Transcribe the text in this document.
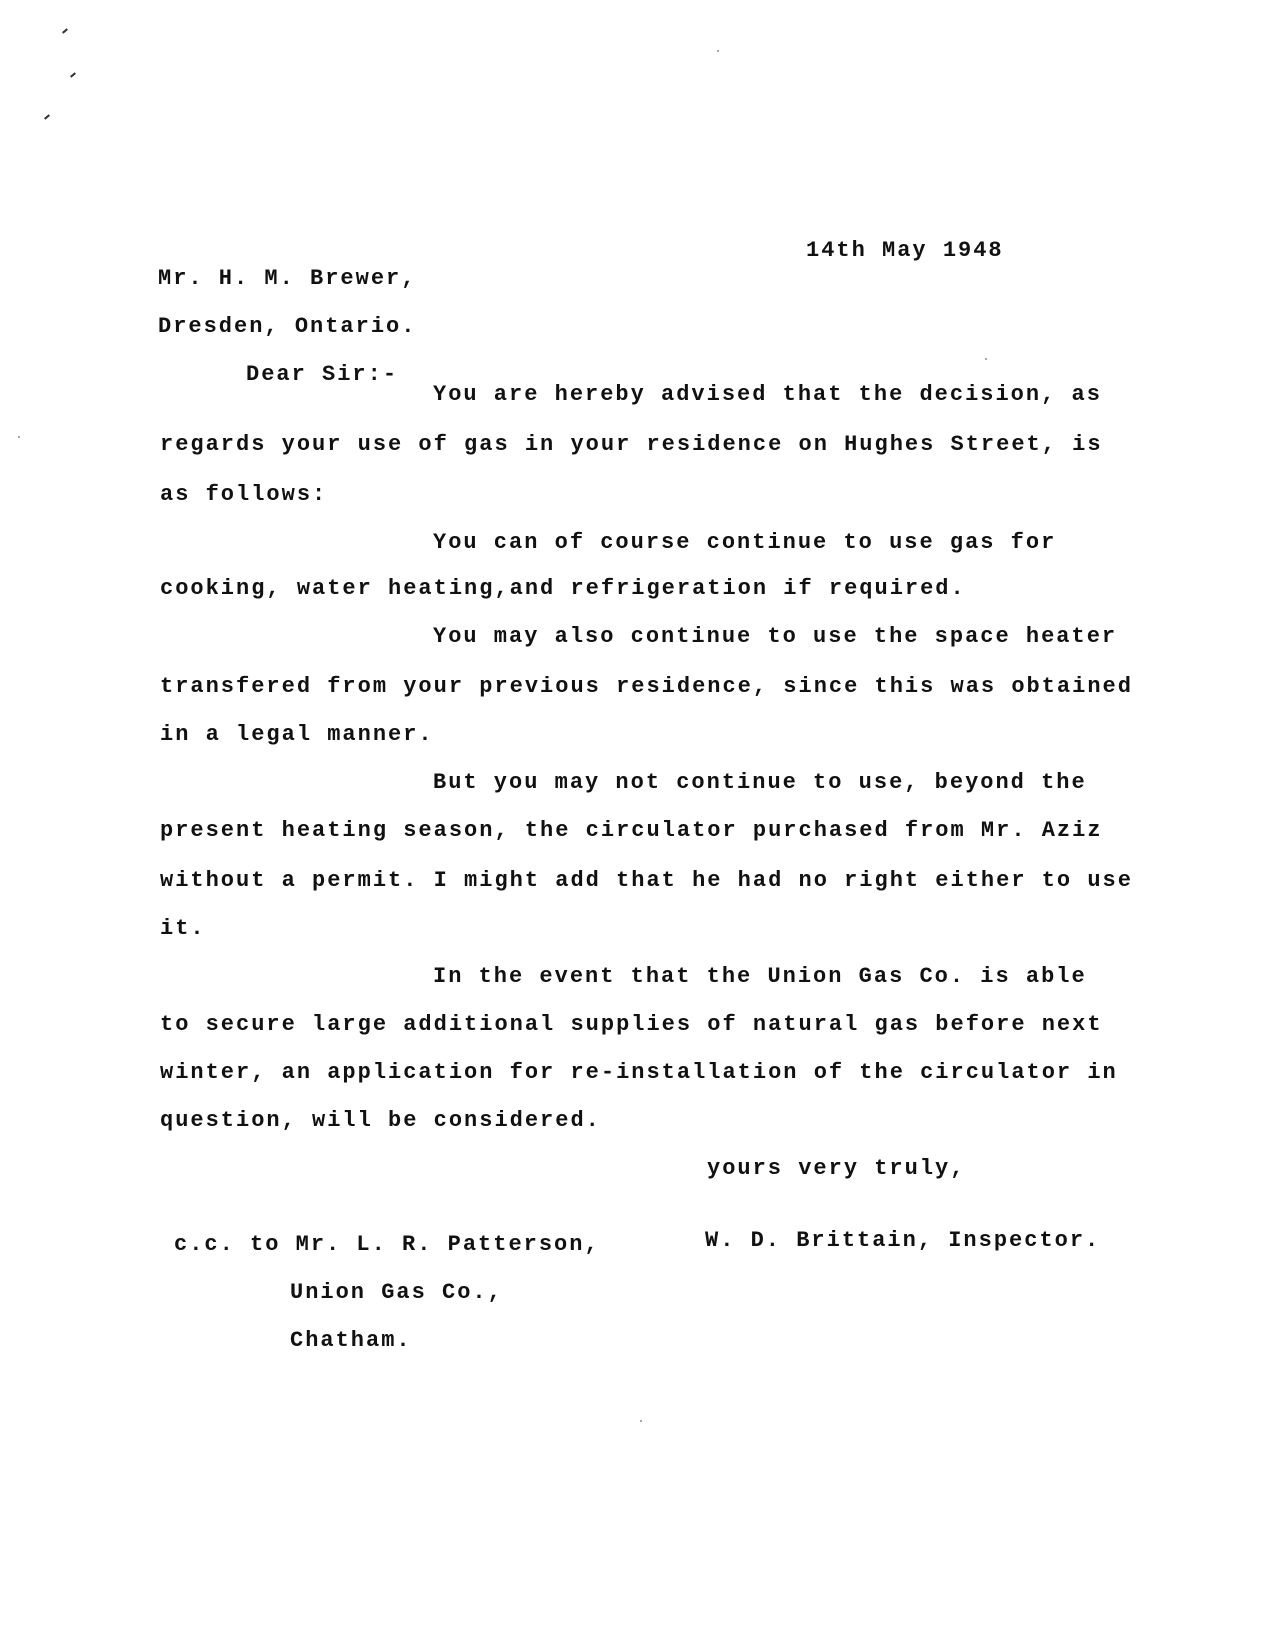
14th May 1948
Mr. H. M. Brewer,
Dresden, Ontario.
Dear Sir:-
You are hereby advised that the decision, as
regards your use of gas in your residence on Hughes Street, is
as follows:
You can of course continue to use gas for
cooking, water heating,and refrigeration if required.
You may also continue to use the space heater
transfered from your previous residence, since this was obtained
in a legal manner.
But you may not continue to use, beyond the
present heating season, the circulator purchased from Mr. Aziz
without a permit. I might add that he had no right either to use
it.
In the event that the Union Gas Co. is able
to secure large additional supplies of natural gas before next
winter, an application for re-installation of the circulator in
question, will be considered.
yours very truly,
W. D. Brittain, Inspector.
c.c. to Mr. L. R. Patterson,
Union Gas Co.,
Chatham.
